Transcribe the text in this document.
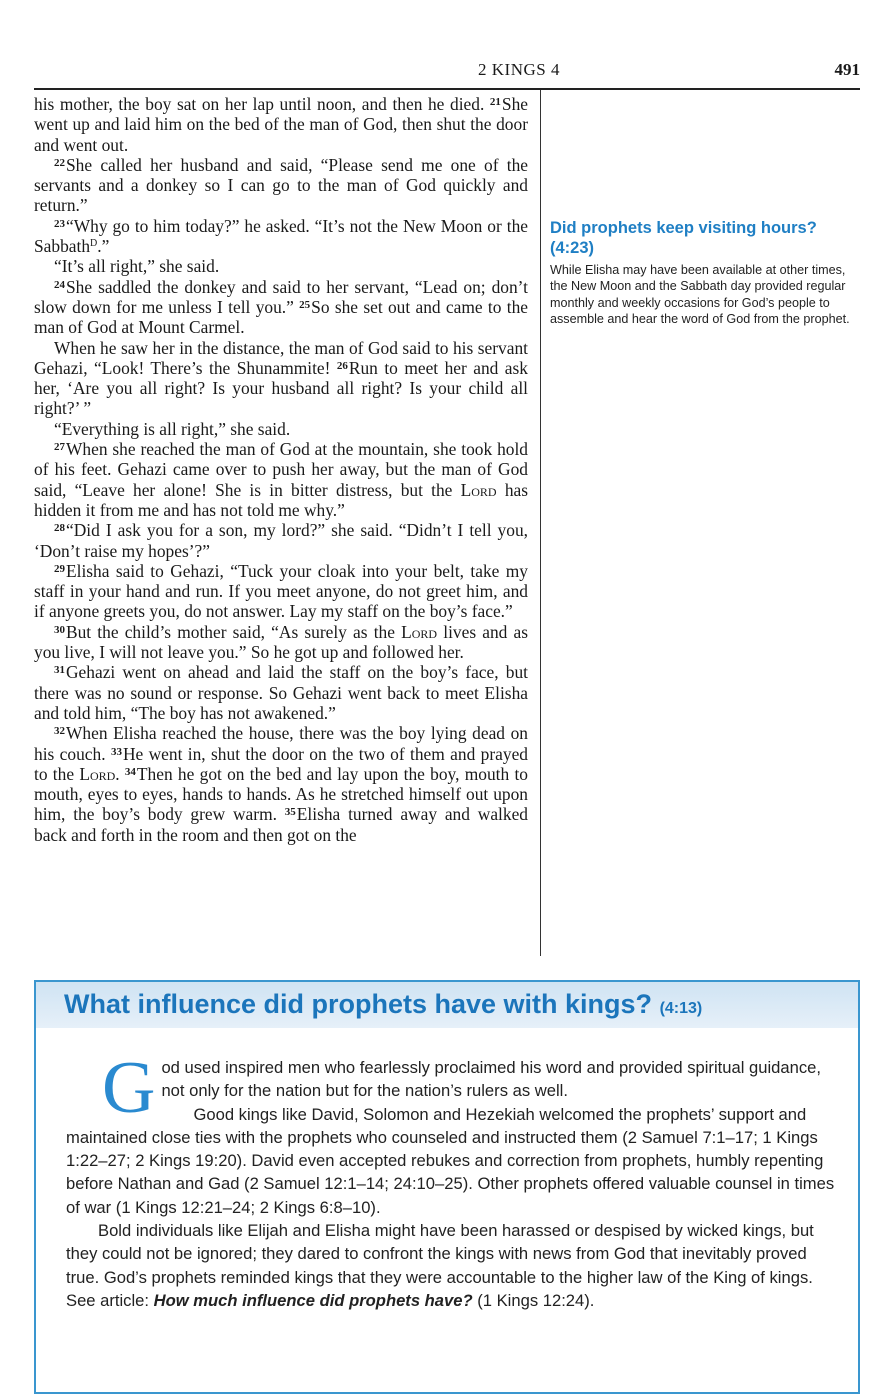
2 KINGS 4	491

his mother, the boy sat on her lap until noon, and then he died. $^{21}$She went up and laid him on the bed of the man of God, then shut the door and went out.

$^{22}$She called her husband and said, “Please send me one of the servants and a donkey so I can go to the man of God quickly and return.”

$^{23}$“Why go to him today?” he asked. “It’s not the New Moon or the Sabbath$^D$.”

“It’s all right,” she said.

$^{24}$She saddled the donkey and said to her servant, “Lead on; don’t slow down for me unless I tell you.” $^{25}$So she set out and came to the man of God at Mount Carmel.

When he saw her in the distance, the man of God said to his servant Gehazi, “Look! There’s the Shunammite! $^{26}$Run to meet her and ask her, ‘Are you all right? Is your husband all right? Is your child all right?’ ”

“Everything is all right,” she said.

$^{27}$When she reached the man of God at the mountain, she took hold of his feet. Gehazi came over to push her away, but the man of God said, “Leave her alone! She is in bitter distress, but the Lord has hidden it from me and has not told me why.”

$^{28}$“Did I ask you for a son, my lord?” she said. “Didn’t I tell you, ‘Don’t raise my hopes’?”

$^{29}$Elisha said to Gehazi, “Tuck your cloak into your belt, take my staff in your hand and run. If you meet anyone, do not greet him, and if anyone greets you, do not answer. Lay my staff on the boy’s face.”

$^{30}$But the child’s mother said, “As surely as the Lord lives and as you live, I will not leave you.” So he got up and followed her.

$^{31}$Gehazi went on ahead and laid the staff on the boy’s face, but there was no sound or response. So Gehazi went back to meet Elisha and told him, “The boy has not awakened.”

$^{32}$When Elisha reached the house, there was the boy lying dead on his couch. $^{33}$He went in, shut the door on the two of them and prayed to the Lord. $^{34}$Then he got on the bed and lay upon the boy, mouth to mouth, eyes to eyes, hands to hands. As he stretched himself out upon him, the boy’s body grew warm. $^{35}$Elisha turned away and walked back and forth in the room and then got on the

Did prophets keep visiting hours? (4:23)
While Elisha may have been available at other times, the New Moon and the Sabbath day provided regular monthly and weekly occasions for God’s people to assemble and hear the word of God from the prophet.
What influence did prophets have with kings? (4:13)

G od used inspired men who fearlessly proclaimed his word and provided spiritual guidance, not only for the nation but for the nation’s rulers as well.

Good kings like David, Solomon and Hezekiah welcomed the prophets’ support and maintained close ties with the prophets who counseled and instructed them (2 Samuel 7:1–17; 1 Kings 1:22–27; 2 Kings 19:20). David even accepted rebukes and correction from prophets, humbly repenting before Nathan and Gad (2 Samuel 12:1–14; 24:10–25). Other prophets offered valuable counsel in times of war (1 Kings 12:21–24; 2 Kings 6:8–10).

Bold individuals like Elijah and Elisha might have been harassed or despised by wicked kings, but they could not be ignored; they dared to confront the kings with news from God that inevitably proved true. God’s prophets reminded kings that they were accountable to the higher law of the King of kings. See article: How much influence did prophets have? (1 Kings 12:24).
